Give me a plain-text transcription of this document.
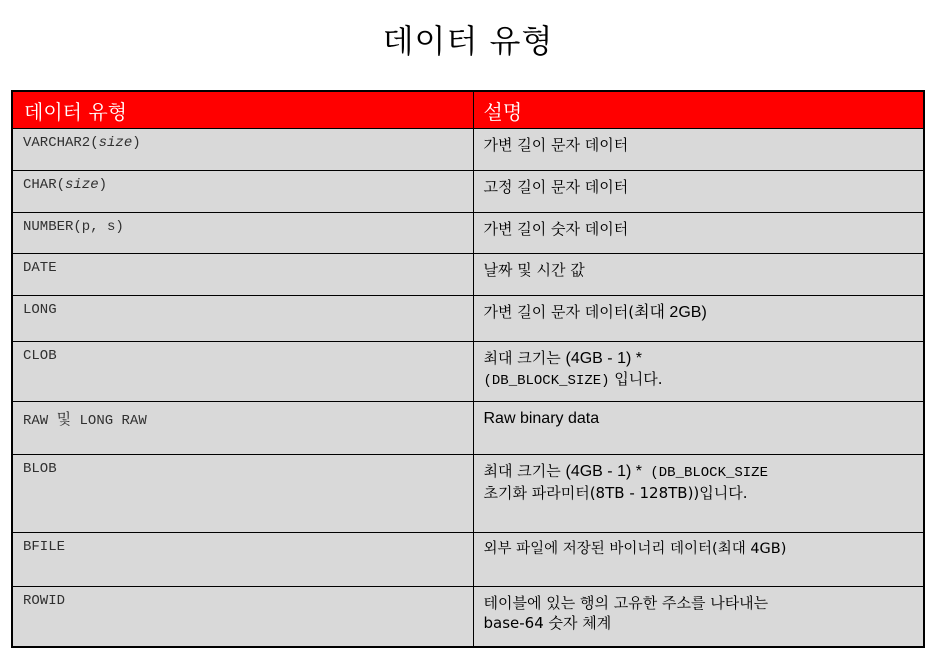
데이터 유형
데이터 유형	설명
VARCHAR2(size)	가변 길이 문자 데이터
CHAR(size)	고정 길이 문자 데이터
NUMBER(p, s)	가변 길이 숫자 데이터
DATE	날짜 및 시간 값
LONG	가변 길이 문자 데이터(최대 2GB)
CLOB	최대 크기는 (4GB - 1) *
(DB_BLOCK_SIZE) 입니다.
RAW 및 LONG RAW	Raw binary data
BLOB	최대 크기는 (4GB - 1) * (DB_BLOCK_SIZE
초기화 파라미터(8TB - 128TB))입니다.
BFILE	외부 파일에 저장된 바이너리 데이터(최대 4GB)
ROWID	테이블에 있는 행의 고유한 주소를 나타내는
base-64 숫자 체계
